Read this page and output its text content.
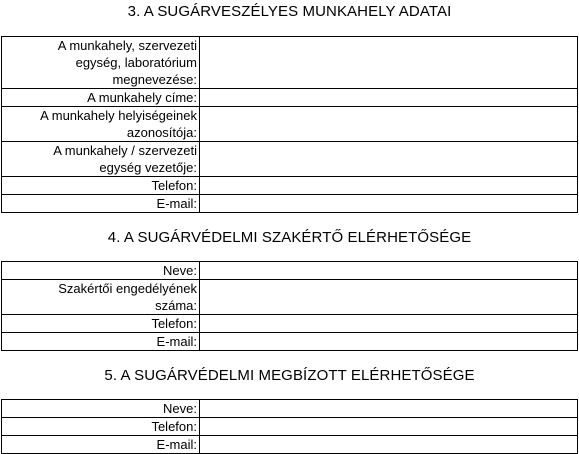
3. A SUGÁRVESZÉLYES MUNKAHELY ADATAI
A munkahely, szervezeti
egység, laboratórium
megnevezése:	
A munkahely címe:	
A munkahely helyiségeinek
azonosítója:	
A munkahely / szervezeti
egység vezetője:	
Telefon:	
E-mail:	
4. A SUGÁRVÉDELMI SZAKÉRTŐ ELÉRHETŐSÉGE
Neve:	
Szakértői engedélyének
száma:	
Telefon:	
E-mail:	
5. A SUGÁRVÉDELMI MEGBÍZOTT ELÉRHETŐSÉGE
Neve:	
Telefon:	
E-mail:	
